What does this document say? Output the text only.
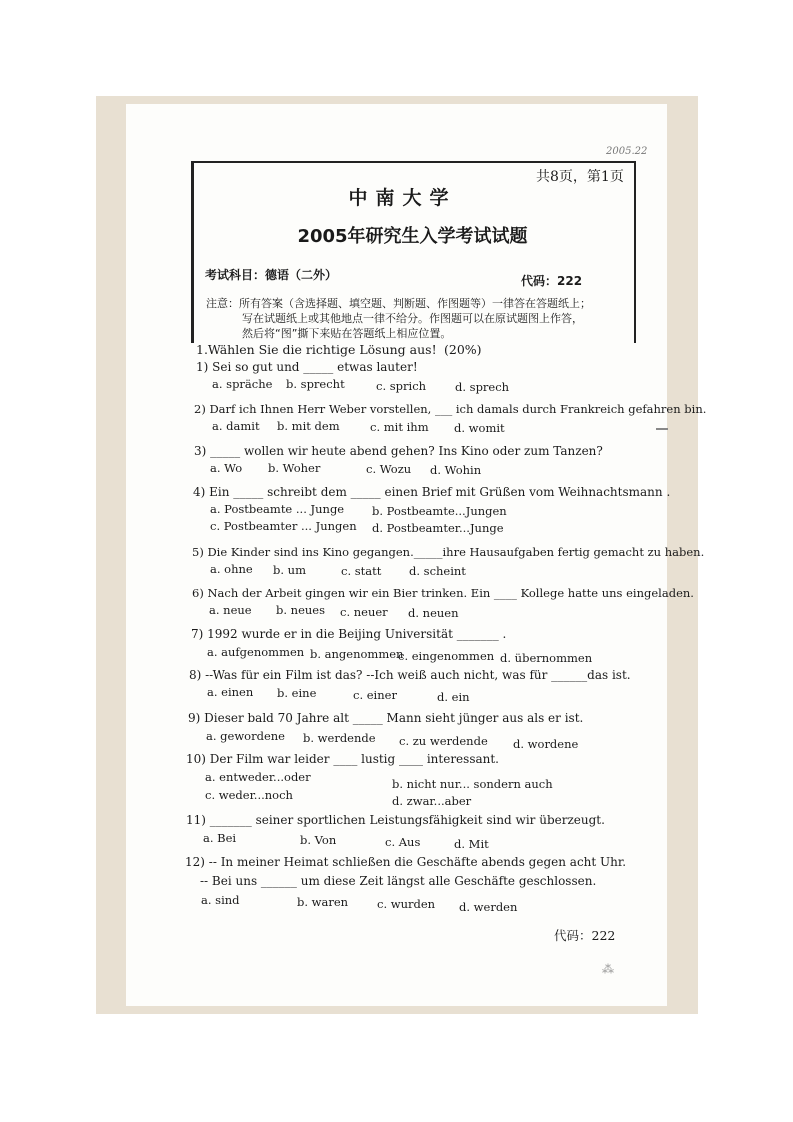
2005.22
共8页，第1页
中南大学
2005年研究生入学考试试题
考试科目：德语（二外）	代码：222
注意：所有答案（含选择题、填空题、判断题、作图题等）一律答在答题纸上；
写在试题纸上或其他地点一律不给分。作图题可以在原试题图上作答，
然后将“图”撕下来贴在答题纸上相应位置。
1.Wählen Sie die richtige Lösung aus! (20%)
1) Sei so gut und _____ etwas lauter!
a. spräche b. sprecht	c. sprich	d. sprech
2) Darf ich Ihnen Herr Weber vorstellen, ___ ich damals durch Frankreich gefahren bin.
a. damit b. mit dem	c. mit ihm d. womit
3) _____ wollen wir heute abend gehen? Ins Kino oder zum Tanzen?
a. Wo b. Woher	c. Wozu d. Wohin
4) Ein _____ schreibt dem _____ einen Brief mit Grüßen vom Weihnachtsmann .
a. Postbeamte ... Junge b. Postbeamte...Jungen
c. Postbeamter ... Jungen d. Postbeamter...Junge
5) Die Kinder sind ins Kino gegangen._____ihre Hausaufgaben fertig gemacht zu haben.
a. ohne b. um	c. statt d. scheint
6) Nach der Arbeit gingen wir ein Bier trinken. Ein ____ Kollege hatte uns eingeladen.
a. neue b. neues c. neuer d. neuen
7) 1992 wurde er in die Beijing Universität _______ .
a. aufgenommen b. angenommen
c. eingenommen d. übernommen
8) --Was für ein Film ist das? --Ich weiß auch nicht, was für ______das ist.
a. einen b. eine	c. einer	d. ein
9) Dieser bald 70 Jahre alt _____ Mann sieht jünger aus als er ist.
a. gewordene b. werdende c. zu werdende d. wordene
10) Der Film war leider ____ lustig ____ interessant.
a. entweder...oder	b. nicht nur... sondern auch
c. weder...noch	d. zwar...aber
11) _______ seiner sportlichen Leistungsfähigkeit sind wir überzeugt.
a. Bei	b. Von	c. Aus	d. Mit
12) -- In meiner Heimat schließen die Geschäfte abends gegen acht Uhr.
-- Bei uns ______ um diese Zeit längst alle Geschäfte geschlossen.
a. sind	b. waren	c. wurden d. werden
代码：222
⁂
